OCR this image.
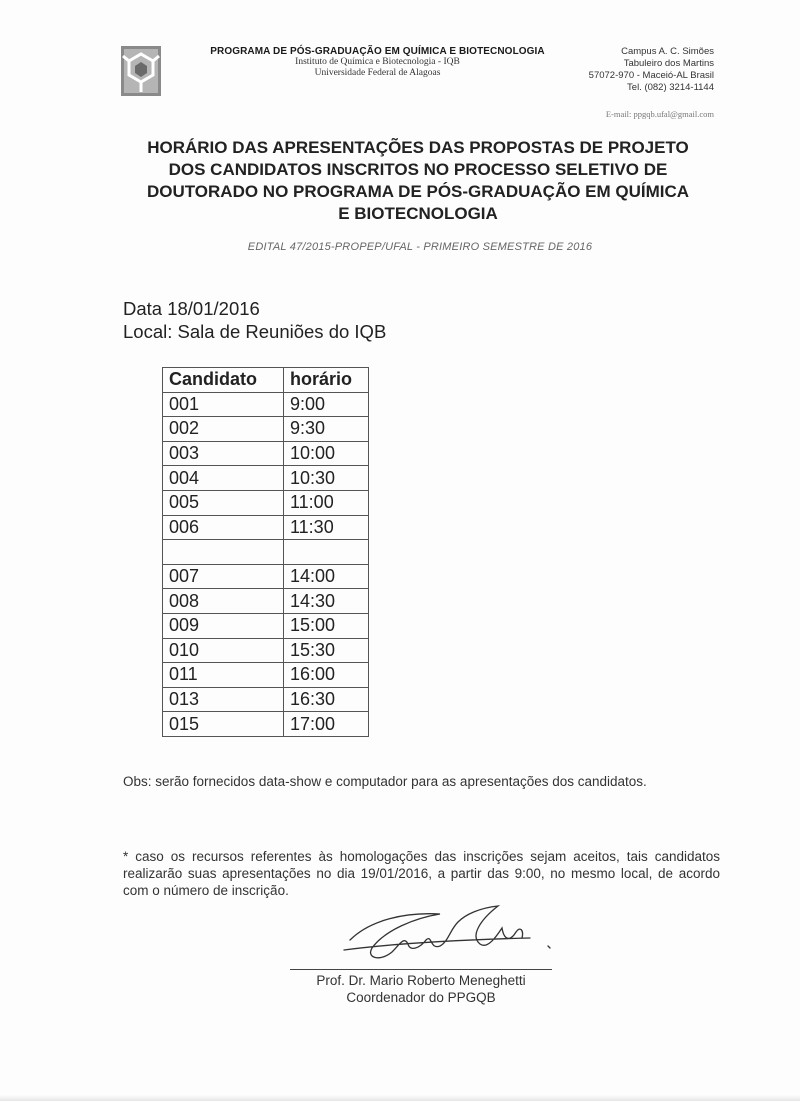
PROGRAMA DE PÓS-GRADUAÇÃO EM QUÍMICA E BIOTECNOLOGIA
Instituto de Química e Biotecnologia - IQB
Universidade Federal de Alagoas
Campus A. C. Simões
Tabuleiro dos Martins
57072-970 - Maceió-AL Brasil
Tel. (082) 3214-1144
E-mail: ppgqb.ufal@gmail.com
HORÁRIO DAS APRESENTAÇÕES DAS PROPOSTAS DE PROJETO
DOS CANDIDATOS INSCRITOS NO PROCESSO SELETIVO DE
DOUTORADO NO PROGRAMA DE PÓS-GRADUAÇÃO EM QUÍMICA
E BIOTECNOLOGIA
EDITAL 47/2015-PROPEP/UFAL - PRIMEIRO SEMESTRE DE 2016
Data 18/01/2016
Local: Sala de Reuniões do IQB
Candidato	horário
001	9:00
002	9:30
003	10:00
004	10:30
005	11:00
006	11:30

007	14:00
008	14:30
009	15:00
010	15:30
011	16:00
013	16:30
015	17:00
Obs: serão fornecidos data-show e computador para as apresentações dos candidatos.
* caso os recursos referentes às homologações das inscrições sejam aceitos, tais candidatos realizarão suas apresentações no dia 19/01/2016, a partir das 9:00, no mesmo local, de acordo com o número de inscrição.
Prof. Dr. Mario Roberto Meneghetti
Coordenador do PPGQB
